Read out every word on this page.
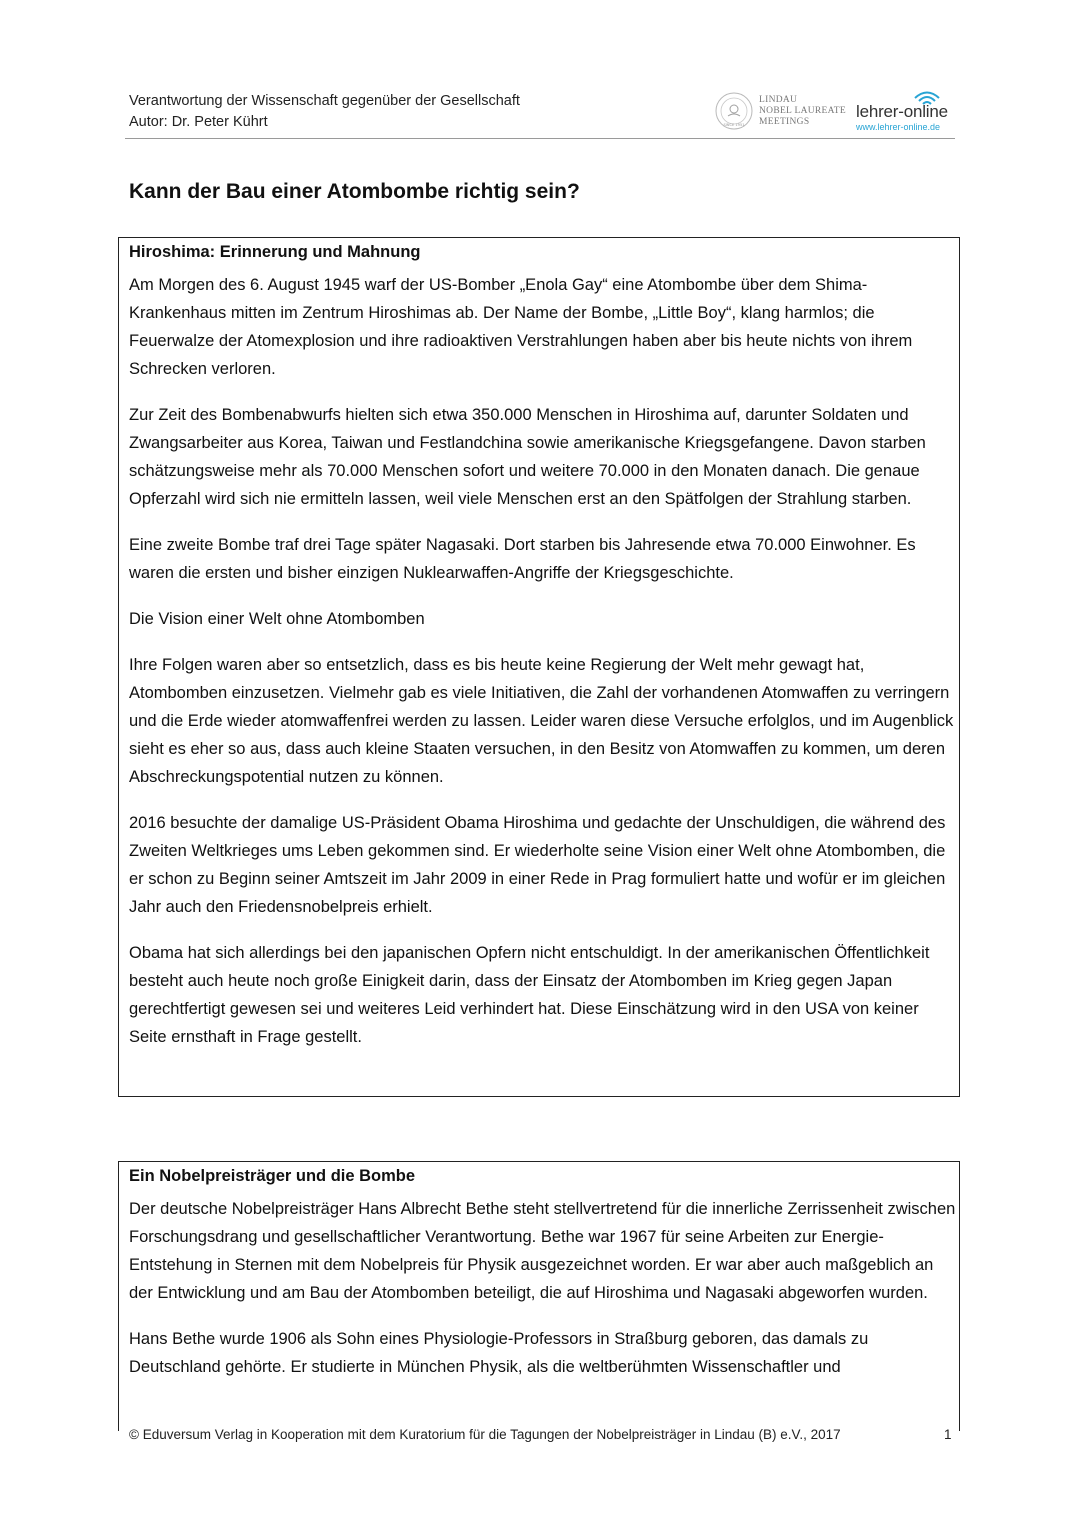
Verantwortung der Wissenschaft gegenüber der Gesellschaft
Autor: Dr. Peter Kührt	SINCE 1951
LINDAU
NOBEL LAUREATE
MEETINGS
lehrer-online
www.lehrer-online.de
Kann der Bau einer Atombombe richtig sein?
Hiroshima: Erinnerung und Mahnung

Am Morgen des 6. August 1945 warf der US-Bomber „Enola Gay“ eine Atombombe über dem Shima-Krankenhaus mitten im Zentrum Hiroshimas ab. Der Name der Bombe, „Little Boy“, klang harmlos; die Feuerwalze der Atomexplosion und ihre radioaktiven Verstrahlungen haben aber bis heute nichts von ihrem Schrecken verloren.

Zur Zeit des Bombenabwurfs hielten sich etwa 350.000 Menschen in Hiroshima auf, darunter Soldaten und Zwangsarbeiter aus Korea, Taiwan und Festlandchina sowie amerikanische Kriegsgefangene. Davon starben schätzungsweise mehr als 70.000 Menschen sofort und weitere 70.000 in den Monaten danach. Die genaue Opferzahl wird sich nie ermitteln lassen, weil viele Menschen erst an den Spätfolgen der Strahlung starben.

Eine zweite Bombe traf drei Tage später Nagasaki. Dort starben bis Jahresende etwa 70.000 Einwohner. Es waren die ersten und bisher einzigen Nuklearwaffen-Angriffe der Kriegsgeschichte.

Die Vision einer Welt ohne Atombomben

Ihre Folgen waren aber so entsetzlich, dass es bis heute keine Regierung der Welt mehr gewagt hat, Atombomben einzusetzen. Vielmehr gab es viele Initiativen, die Zahl der vorhandenen Atomwaffen zu verringern und die Erde wieder atomwaffenfrei werden zu lassen. Leider waren diese Versuche erfolglos, und im Augenblick sieht es eher so aus, dass auch kleine Staaten versuchen, in den Besitz von Atomwaffen zu kommen, um deren Abschreckungspotential nutzen zu können.

2016 besuchte der damalige US-Präsident Obama Hiroshima und gedachte der Unschuldigen, die während des Zweiten Weltkrieges ums Leben gekommen sind. Er wiederholte seine Vision einer Welt ohne Atombomben, die er schon zu Beginn seiner Amtszeit im Jahr 2009 in einer Rede in Prag formuliert hatte und wofür er im gleichen Jahr auch den Friedensnobelpreis erhielt.

Obama hat sich allerdings bei den japanischen Opfern nicht entschuldigt. In der amerikanischen Öffentlichkeit besteht auch heute noch große Einigkeit darin, dass der Einsatz der Atombomben im Krieg gegen Japan gerechtfertigt gewesen sei und weiteres Leid verhindert hat. Diese Einschätzung wird in den USA von keiner Seite ernsthaft in Frage gestellt.

Ein Nobelpreisträger und die Bombe

Der deutsche Nobelpreisträger Hans Albrecht Bethe steht stellvertretend für die innerliche Zerrissenheit zwischen Forschungsdrang und gesellschaftlicher Verantwortung. Bethe war 1967 für seine Arbeiten zur Energie-Entstehung in Sternen mit dem Nobelpreis für Physik ausgezeichnet worden. Er war aber auch maßgeblich an der Entwicklung und am Bau der Atombomben beteiligt, die auf Hiroshima und Nagasaki abgeworfen wurden.

Hans Bethe wurde 1906 als Sohn eines Physiologie-Professors in Straßburg geboren, das damals zu Deutschland gehörte. Er studierte in München Physik, als die weltberühmten Wissenschaftler und

© Eduversum Verlag in Kooperation mit dem Kuratorium für die Tagungen der Nobelpreisträger in Lindau (B) e.V., 2017	1
